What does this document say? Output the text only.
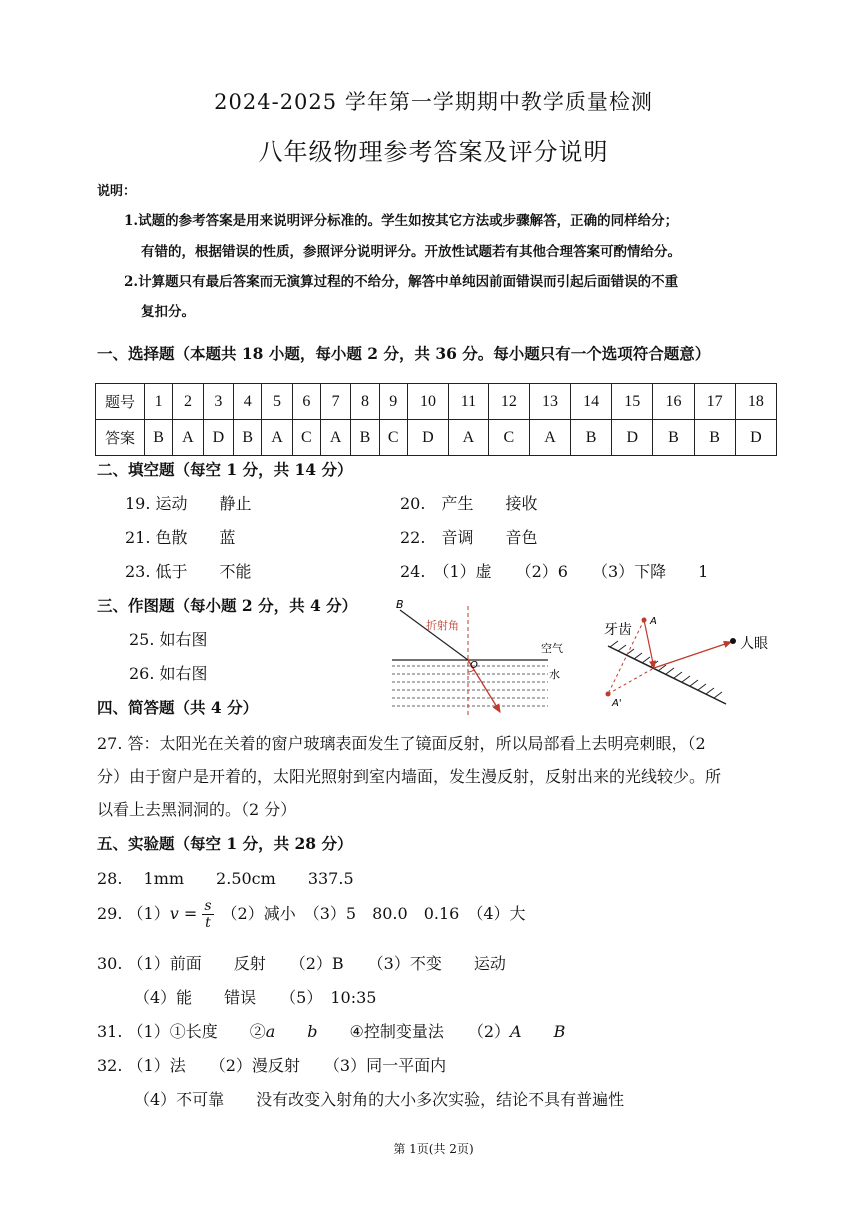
2024-2025 学年第一学期期中教学质量检测
八年级物理参考答案及评分说明
说明：
1.试题的参考答案是用来说明评分标准的。学生如按其它方法或步骤解答，正确的同样给分；
有错的，根据错误的性质，参照评分说明评分。开放性试题若有其他合理答案可酌情给分。
2.计算题只有最后答案而无演算过程的不给分，解答中单纯因前面错误而引起后面错误的不重
复扣分。
一、选择题（本题共 18 小题，每小题 2 分，共 36 分。每小题只有一个选项符合题意）
题号	1	2	3	4	5	6	7	8	9	10	11	12	13	14	15	16	17	18
答案	B	A	D	B	A	C	A	B	C	D	A	C	A	B	D	B	B	D
二、填空题（每空 1 分，共 14 分）
19. 运动　　静止	20.　产生　　接收
21. 色散　　蓝	22.　音调　　音色
23. 低于　　不能	24.　（1）虚　　（2）6　　（3）下降　　1
三、作图题（每小题 2 分，共 4 分）
25. 如右图
26. 如右图
B
折射角
O
空气
水
牙齿
A
A'
人眼
四、简答题（共 4 分）
27. 答：太阳光在关着的窗户玻璃表面发生了镜面反射，所以局部看上去明亮刺眼，（2
分）由于窗户是开着的，太阳光照射到室内墙面，发生漫反射，反射出来的光线较少。所
以看上去黑洞洞的。（2 分）
五、实验题（每空 1 分，共 28 分）
28.　 1mm　　2.50cm　　337.5
29. $(1)v = \frac{s}{t}$ 　（2）减小　（3）5　80.0　0.16　（4）大
30. （1）前面　　反射　　（2）B　　（3）不变　　运动
（4）能　　错误　　（5）　10:35
31. （1）①长度　　②a   b   ④控制变量法　　（2）A   B
32. （1）法　　（2）漫反射　　（3）同一平面内
（4）不可靠　　没有改变入射角的大小多次实验，结论不具有普遍性
第 1页(共 2页)
